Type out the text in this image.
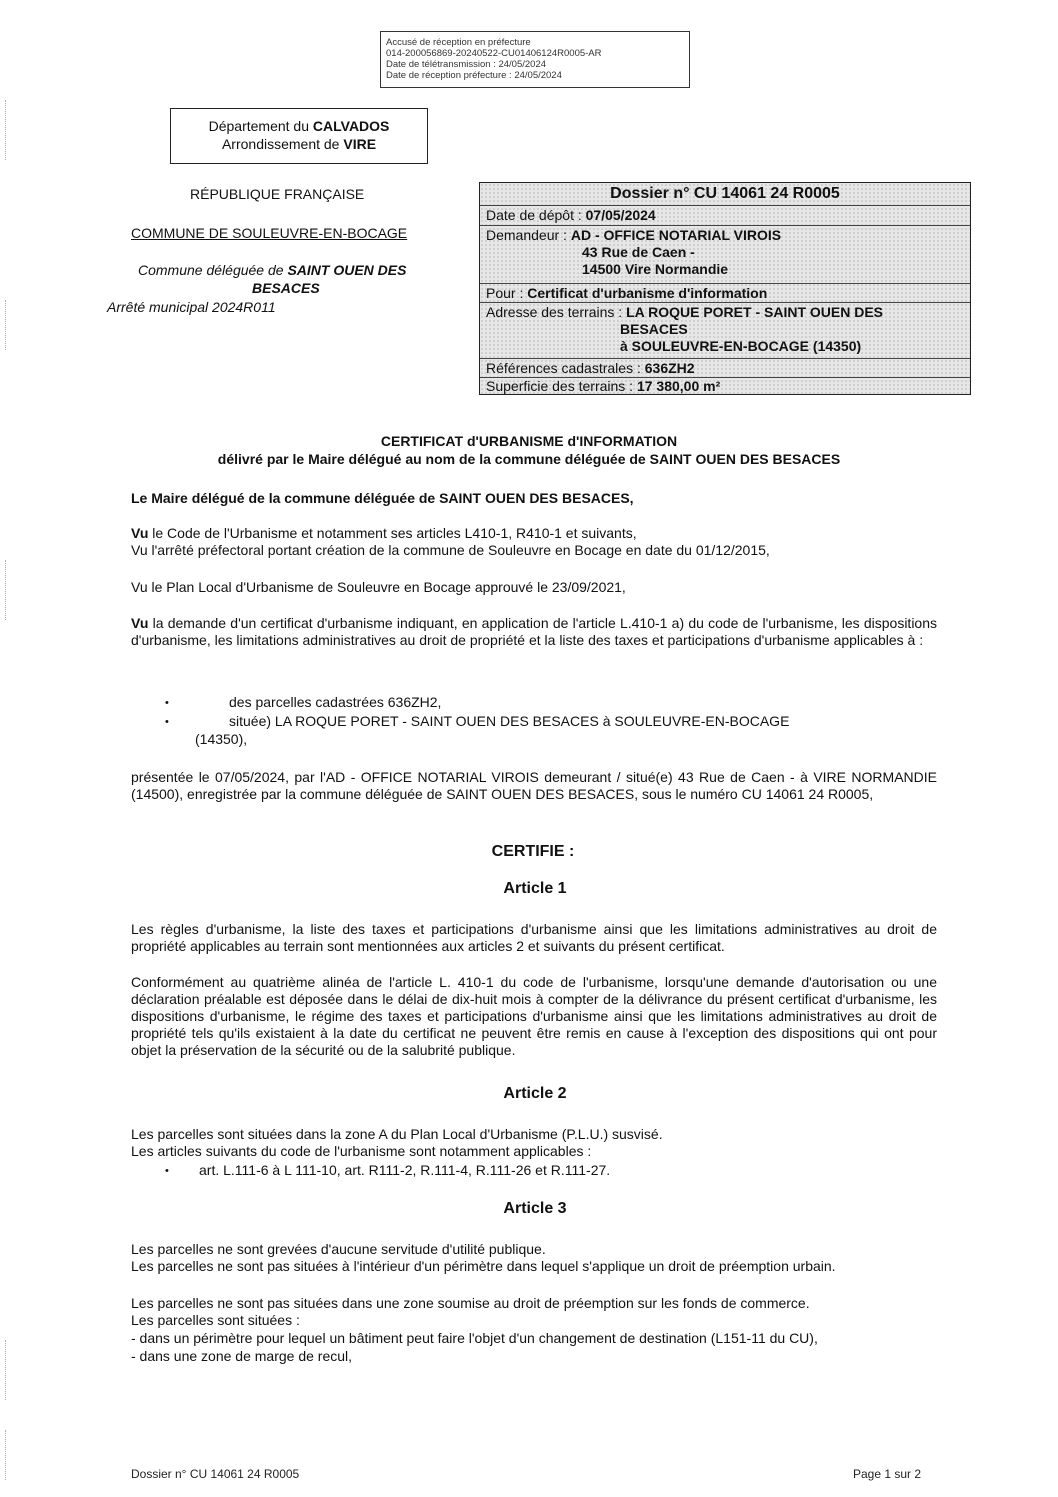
Accusé de réception en préfecture
014-200056869-20240522-CU01406124R0005-AR
Date de télétransmission : 24/05/2024
Date de réception préfecture : 24/05/2024
Département du CALVADOS
Arrondissement de VIRE
RÉPUBLIQUE FRANÇAISE
COMMUNE DE SOULEUVRE-EN-BOCAGE
Commune déléguée de SAINT OUEN DES
BESACES
Arrêté municipal 2024R011
Dossier n° CU 14061 24 R0005
Date de dépôt : 07/05/2024
Demandeur : AD - OFFICE NOTARIAL VIROIS
43 Rue de Caen -
14500 Vire Normandie
Pour : Certificat d'urbanisme d'information
Adresse des terrains : LA ROQUE PORET - SAINT OUEN DES
BESACES
à SOULEUVRE-EN-BOCAGE (14350)
Références cadastrales : 636ZH2
Superficie des terrains : 17 380,00 m²
CERTIFICAT d'URBANISME d'INFORMATION
délivré par le Maire délégué au nom de la commune déléguée de SAINT OUEN DES BESACES
Le Maire délégué de la commune déléguée de SAINT OUEN DES BESACES,
Vu le Code de l'Urbanisme et notamment ses articles L410-1, R410-1 et suivants,
Vu l'arrêté préfectoral portant création de la commune de Souleuvre en Bocage en date du 01/12/2015,
Vu le Plan Local d'Urbanisme de Souleuvre en Bocage approuvé le 23/09/2021,
Vu la demande d'un certificat d'urbanisme indiquant, en application de l'article L.410-1 a) du code de l'urbanisme, les dispositions d'urbanisme, les limitations administratives au droit de propriété et la liste des taxes et participations d'urbanisme applicables à :
•	des parcelles cadastrées 636ZH2,
•	située) LA ROQUE PORET - SAINT OUEN DES BESACES à SOULEUVRE-EN-BOCAGE
(14350),
présentée le 07/05/2024, par l'AD - OFFICE NOTARIAL VIROIS demeurant / situé(e) 43 Rue de Caen - à VIRE NORMANDIE (14500), enregistrée par la commune déléguée de SAINT OUEN DES BESACES, sous le numéro CU 14061 24 R0005,
CERTIFIE :
Article 1
Les règles d'urbanisme, la liste des taxes et participations d'urbanisme ainsi que les limitations administratives au droit de propriété applicables au terrain sont mentionnées aux articles 2 et suivants du présent certificat.
Conformément au quatrième alinéa de l'article L. 410-1 du code de l'urbanisme, lorsqu'une demande d'autorisation ou une déclaration préalable est déposée dans le délai de dix-huit mois à compter de la délivrance du présent certificat d'urbanisme, les dispositions d'urbanisme, le régime des taxes et participations d'urbanisme ainsi que les limitations administratives au droit de propriété tels qu'ils existaient à la date du certificat ne peuvent être remis en cause à l'exception des dispositions qui ont pour objet la préservation de la sécurité ou de la salubrité publique.
Article 2
Les parcelles sont situées dans la zone A du Plan Local d'Urbanisme (P.L.U.) susvisé.
Les articles suivants du code de l'urbanisme sont notamment applicables :
• art. L.111-6 à L 111-10, art. R111-2, R.111-4, R.111-26 et R.111-27.
Article 3
Les parcelles ne sont grevées d'aucune servitude d'utilité publique.
Les parcelles ne sont pas situées à l'intérieur d'un périmètre dans lequel s'applique un droit de préemption urbain.
Les parcelles ne sont pas situées dans une zone soumise au droit de préemption sur les fonds de commerce.
Les parcelles sont situées :
- dans un périmètre pour lequel un bâtiment peut faire l'objet d'un changement de destination (L151-11 du CU),
- dans une zone de marge de recul,
Dossier n° CU 14061 24 R0005	Page 1 sur 2
